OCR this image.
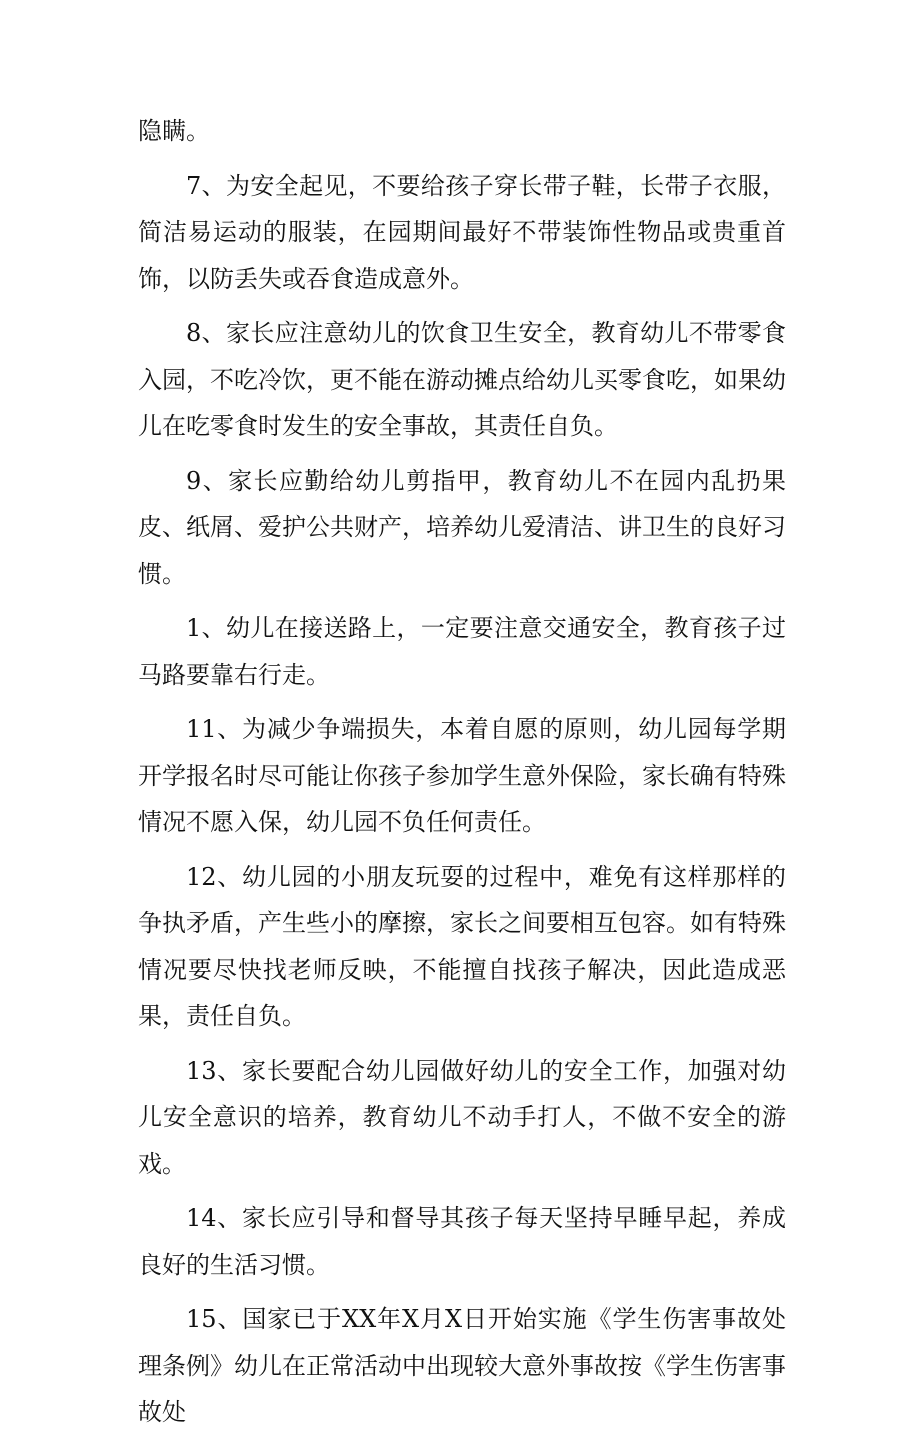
隐瞒。

7、为安全起见，不要给孩子穿长带子鞋，长带子衣服，简洁易运动的服装，在园期间最好不带装饰性物品或贵重首饰，以防丢失或吞食造成意外。

8、家长应注意幼儿的饮食卫生安全，教育幼儿不带零食入园，不吃冷饮，更不能在游动摊点给幼儿买零食吃，如果幼儿在吃零食时发生的安全事故，其责任自负。

9、家长应勤给幼儿剪指甲，教育幼儿不在园内乱扔果皮、纸屑、爱护公共财产，培养幼儿爱清洁、讲卫生的良好习惯。

1、幼儿在接送路上，一定要注意交通安全，教育孩子过马路要靠右行走。

11、为减少争端损失，本着自愿的原则，幼儿园每学期开学报名时尽可能让你孩子参加学生意外保险，家长确有特殊情况不愿入保，幼儿园不负任何责任。

12、幼儿园的小朋友玩耍的过程中，难免有这样那样的争执矛盾，产生些小的摩擦，家长之间要相互包容。如有特殊情况要尽快找老师反映，不能擅自找孩子解决，因此造成恶果，责任自负。

13、家长要配合幼儿园做好幼儿的安全工作，加强对幼儿安全意识的培养，教育幼儿不动手打人，不做不安全的游戏。

14、家长应引导和督导其孩子每天坚持早睡早起，养成良好的生活习惯。

15、国家已于XX年X月X日开始实施《学生伤害事故处理条例》幼儿在正常活动中出现较大意外事故按《学生伤害事故处
